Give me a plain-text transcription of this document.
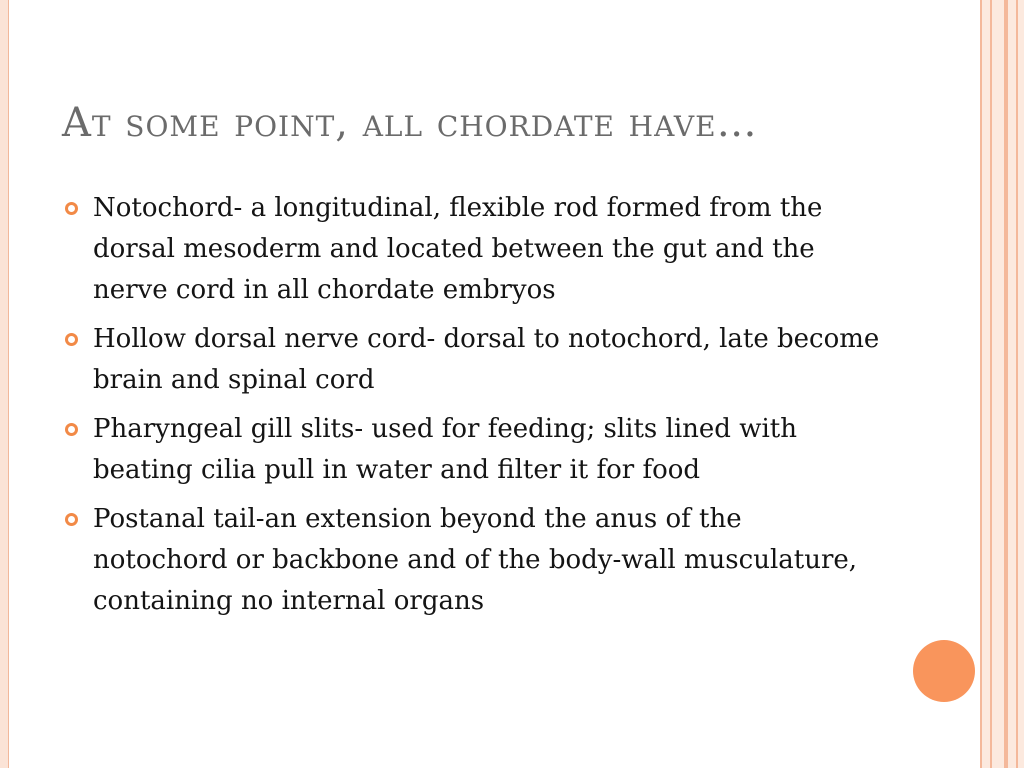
At some point, all chordate have…
Notochord- a longitudinal, flexible rod formed from the dorsal mesoderm and located between the gut and the nerve cord in all chordate embryos
Hollow dorsal nerve cord- dorsal to notochord, late become brain and spinal cord
Pharyngeal gill slits- used for feeding; slits lined with beating cilia pull in water and filter it for food
Postanal tail-an extension beyond the anus of the notochord or backbone and of the body-wall musculature, containing no internal organs
